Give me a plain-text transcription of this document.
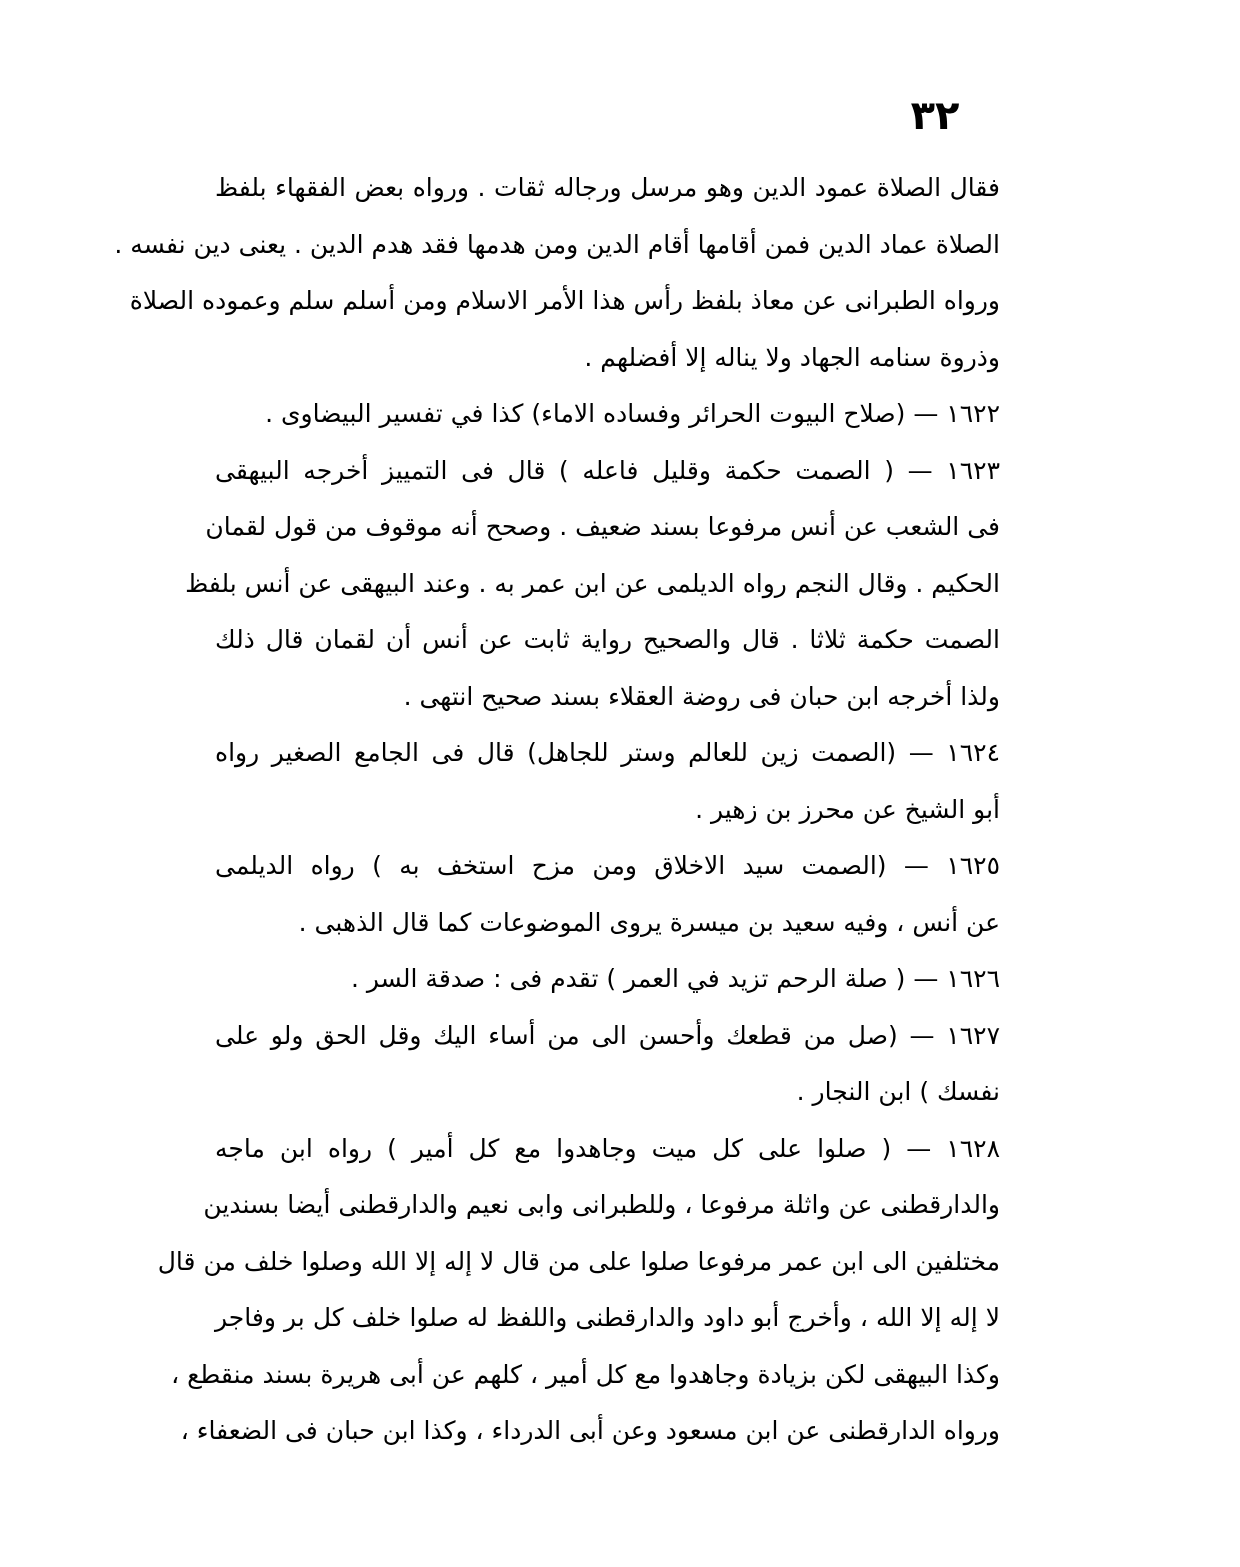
٣٢
فقال الصلاة عمود الدين وهو مرسل ورجاله ثقات . ورواه بعض الفقهاء بلفظ
الصلاة عماد الدين فمن أقامها أقام الدين ومن هدمها فقد هدم الدين . يعنى دين نفسه .
ورواه الطبرانى عن معاذ بلفظ رأس هذا الأمر الاسلام ومن أسلم سلم وعموده الصلاة
وذروة سنامه الجهاد ولا يناله إلا أفضلهم .
١٦٢٢ — (صلاح البيوت الحرائر وفساده الاماء) كذا في تفسير البيضاوى .
١٦٢٣ — ( الصمت حكمة وقليل فاعله ) قال فى التمييز أخرجه البيهقى
فى الشعب عن أنس مرفوعا بسند ضعيف . وصحح أنه موقوف من قول لقمان
الحكيم . وقال النجم رواه الديلمى عن ابن عمر به . وعند البيهقى عن أنس بلفظ
الصمت حكمة ثلاثا . قال والصحيح رواية ثابت عن أنس أن لقمان قال ذلك
ولذا أخرجه ابن حبان فى روضة العقلاء بسند صحيح انتهى .
١٦٢٤ — (الصمت زين للعالم وستر للجاهل) قال فى الجامع الصغير رواه
أبو الشيخ عن محرز بن زهير .
١٦٢٥ — (الصمت سيد الاخلاق ومن مزح استخف به ) رواه الديلمى
عن أنس ، وفيه سعيد بن ميسرة يروى الموضوعات كما قال الذهبى .
١٦٢٦ — ( صلة الرحم تزيد في العمر ) تقدم فى : صدقة السر .
١٦٢٧ — (صل من قطعك وأحسن الى من أساء اليك وقل الحق ولو على
نفسك ) ابن النجار .
١٦٢٨ — ( صلوا على كل ميت وجاهدوا مع كل أمير ) رواه ابن ماجه
والدارقطنى عن واثلة مرفوعا ، وللطبرانى وابى نعيم والدارقطنى أيضا بسندين
مختلفين الى ابن عمر مرفوعا صلوا على من قال لا إله إلا الله وصلوا خلف من قال
لا إله إلا الله ، وأخرج أبو داود والدارقطنى واللفظ له صلوا خلف كل بر وفاجر
وكذا البيهقى لكن بزيادة وجاهدوا مع كل أمير ، كلهم عن أبى هريرة بسند منقطع ،
ورواه الدارقطنى عن ابن مسعود وعن أبى الدرداء ، وكذا ابن حبان فى الضعفاء ،
